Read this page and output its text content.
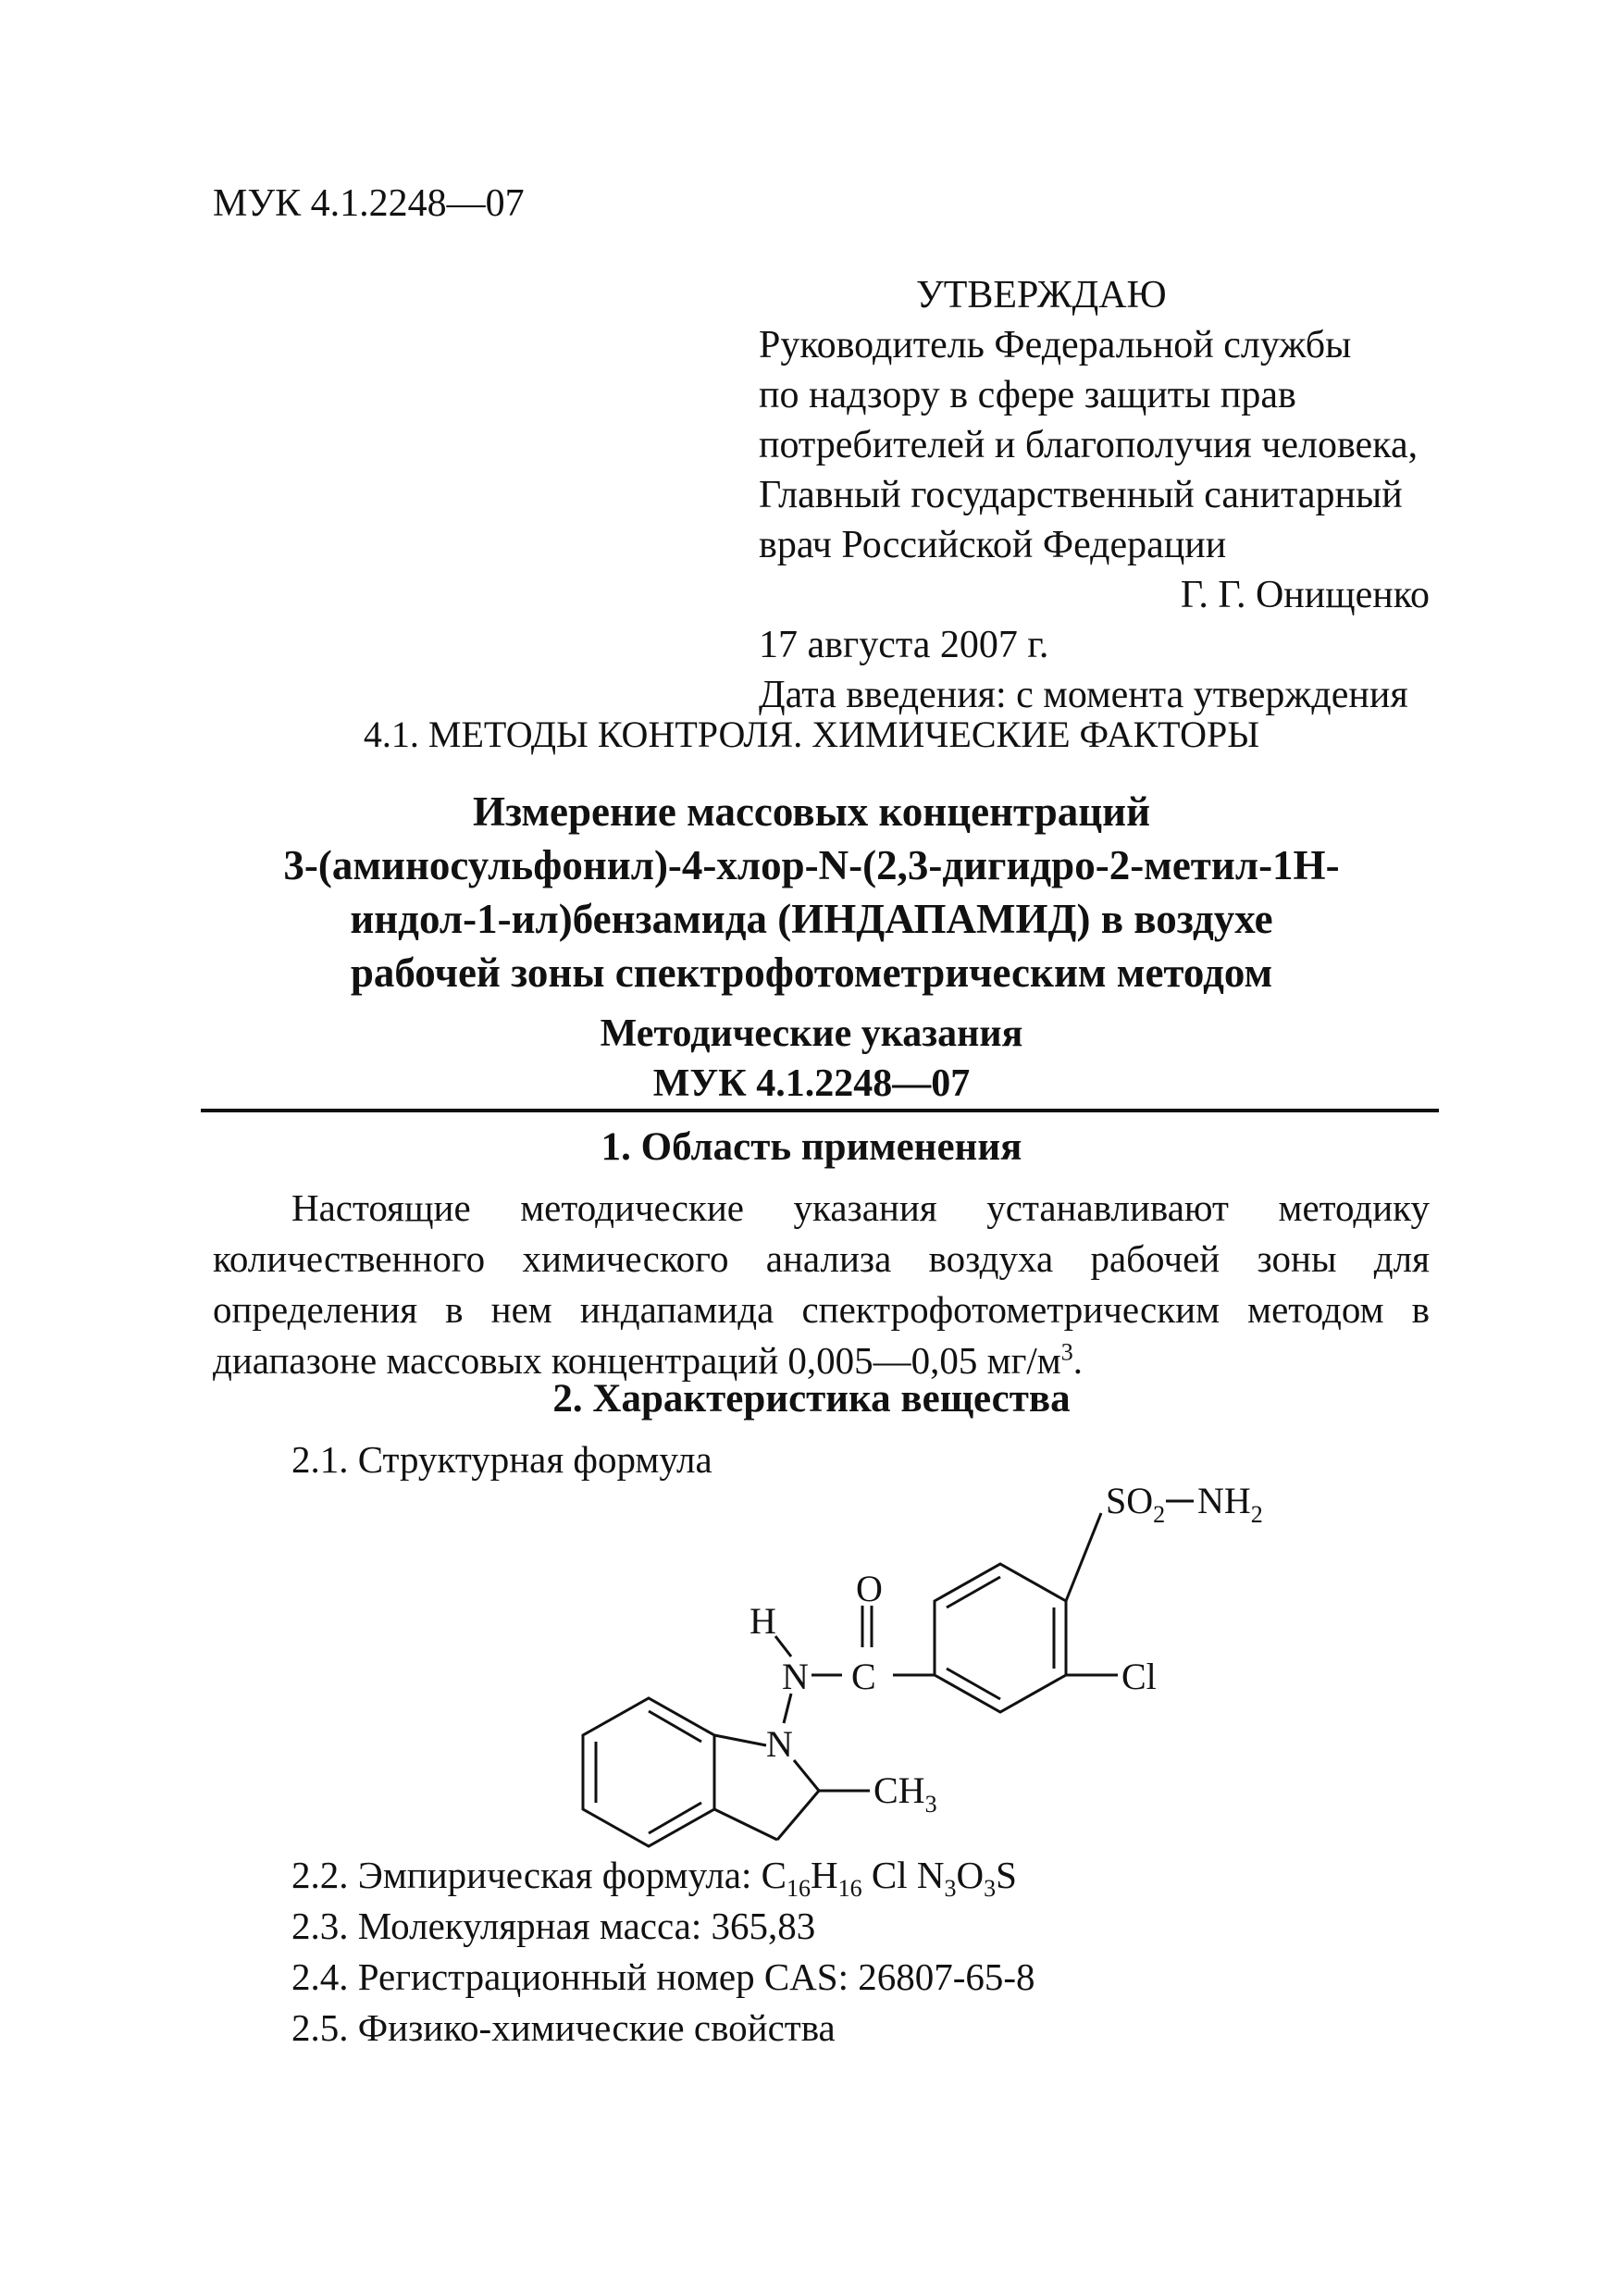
МУК 4.1.2248—07
УТВЕРЖДАЮ
Руководитель Федеральной службы
по надзору в сфере защиты прав
потребителей и благополучия человека,
Главный государственный санитарный
врач Российской Федерации
Г. Г. Онищенко
17 августа 2007 г.
Дата введения: с момента утверждения
4.1. МЕТОДЫ КОНТРОЛЯ. ХИМИЧЕСКИЕ ФАКТОРЫ
Измерение массовых концентраций
3-(аминосульфонил)-4-хлор-N-(2,3-дигидро-2-метил-1H-
индол-1-ил)бензамида (ИНДАПАМИД) в воздухе
рабочей зоны спектрофотометрическим методом
Методические указания
МУК 4.1.2248—07
1. Область применения
Настоящие методические указания устанавливают методику количественного химического анализа воздуха рабочей зоны для определения в нем индапамида спектрофотометрическим методом в диапазоне массовых концентраций 0,005—0,05 $мг/м^3$.
2. Характеристика вещества
2.1. Структурная формула
$SO_2$ $NH_2$
O
H
N C	Cl
N
$CH_3$
2.2. Эмпирическая формула: $C_{16}H_{16}$ Cl $N_3O_3S$
2.3. Молекулярная масса: 365,83
2.4. Регистрационный номер CAS: 26807-65-8
2.5. Физико-химические свойства
